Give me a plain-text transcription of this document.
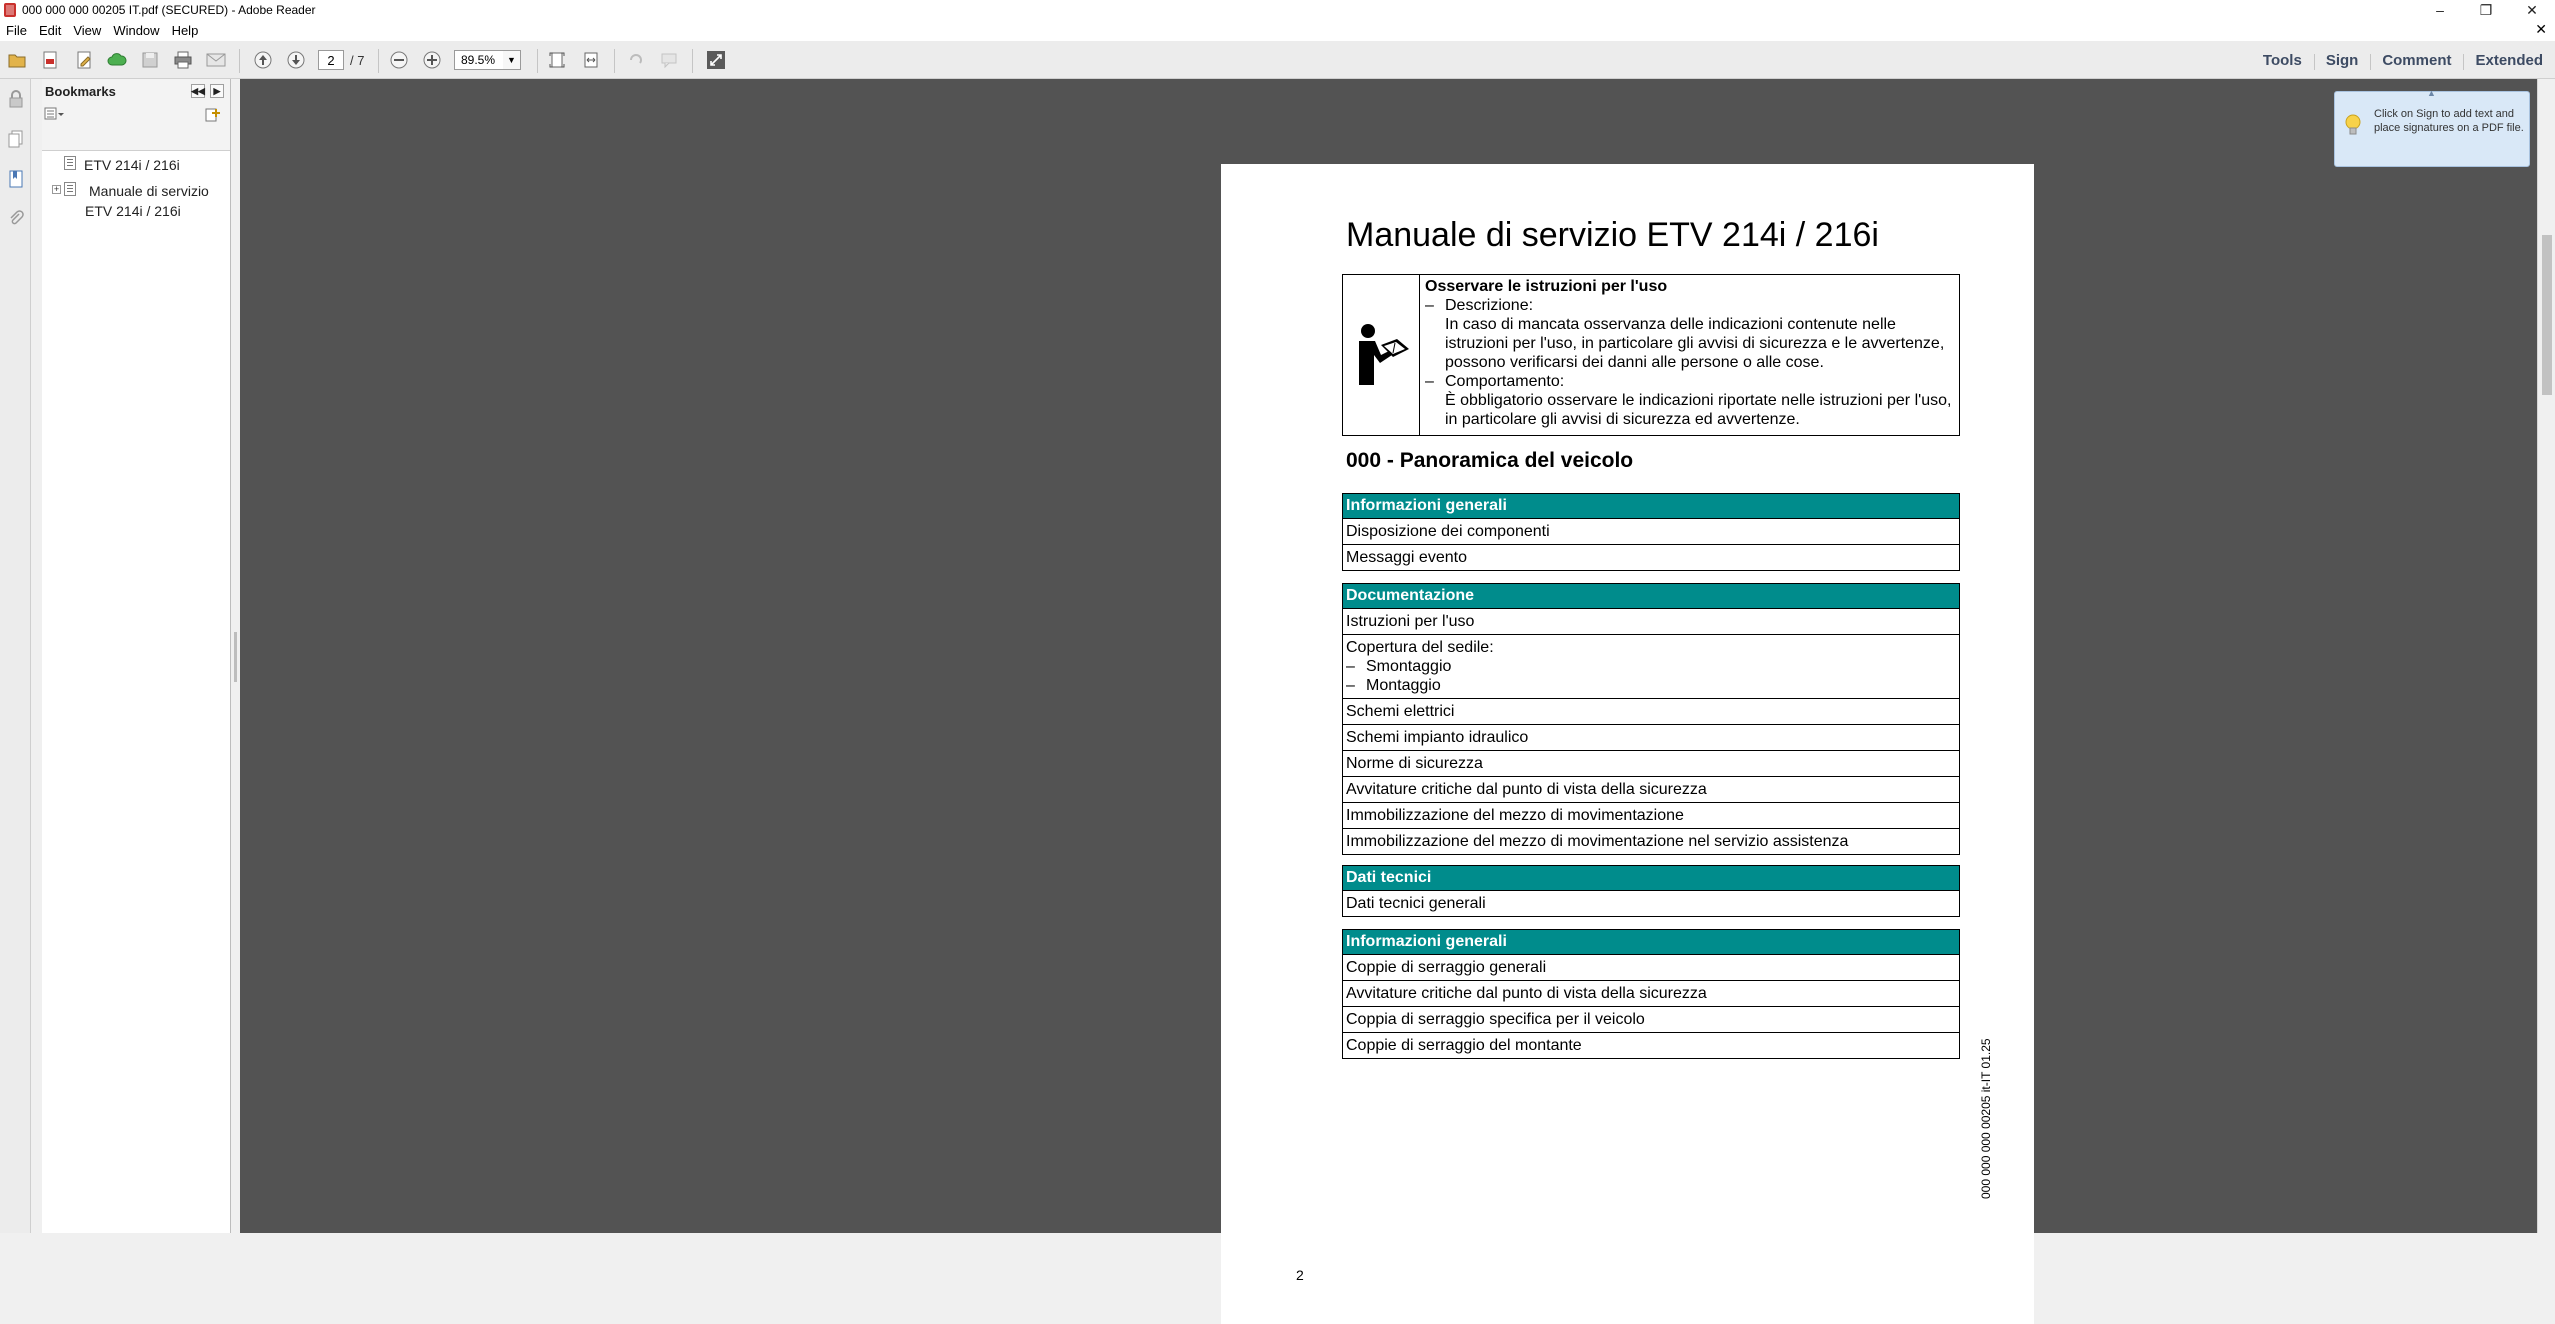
000 000 000 00205 IT.pdf (SECURED) - Adobe Reader	–	❐	✕
File Edit View Window Help	✕
2	/ 7	89.5%	▼	Tools	Sign	Comment	Extended
Bookmarks	◀◀ ▶
ETV 214i / 216i
+ Manuale di servizio
ETV 214i / 216i
Manuale di servizio ETV 214i / 216i
Osservare le istruzioni per l'uso
– Descrizione:
In caso di mancata osservanza delle indicazioni contenute nelle istruzioni per l'uso, in particolare gli avvisi di sicurezza e le avvertenze, possono verificarsi dei danni alle persone o alle cose.
– Comportamento:
È obbligatorio osservare le indicazioni riportate nelle istruzioni per l'uso, in particolare gli avvisi di sicurezza ed avvertenze.
000 - Panoramica del veicolo
Informazioni generali
Disposizione dei componenti
Messaggi evento
Documentazione
Istruzioni per l'uso
Copertura del sedile:
– Smontaggio
– Montaggio
Schemi elettrici
Schemi impianto idraulico
Norme di sicurezza
Avvitature critiche dal punto di vista della sicurezza
Immobilizzazione del mezzo di movimentazione
Immobilizzazione del mezzo di movimentazione nel servizio assistenza
Dati tecnici
Dati tecnici generali
Informazioni generali
Coppie di serraggio generali
Avvitature critiche dal punto di vista della sicurezza
Coppia di serraggio specifica per il veicolo
Coppie di serraggio del montante	000 000 000 00205 it-IT 01.25
2
▲
Click on Sign to add text and place signatures on a PDF file.
